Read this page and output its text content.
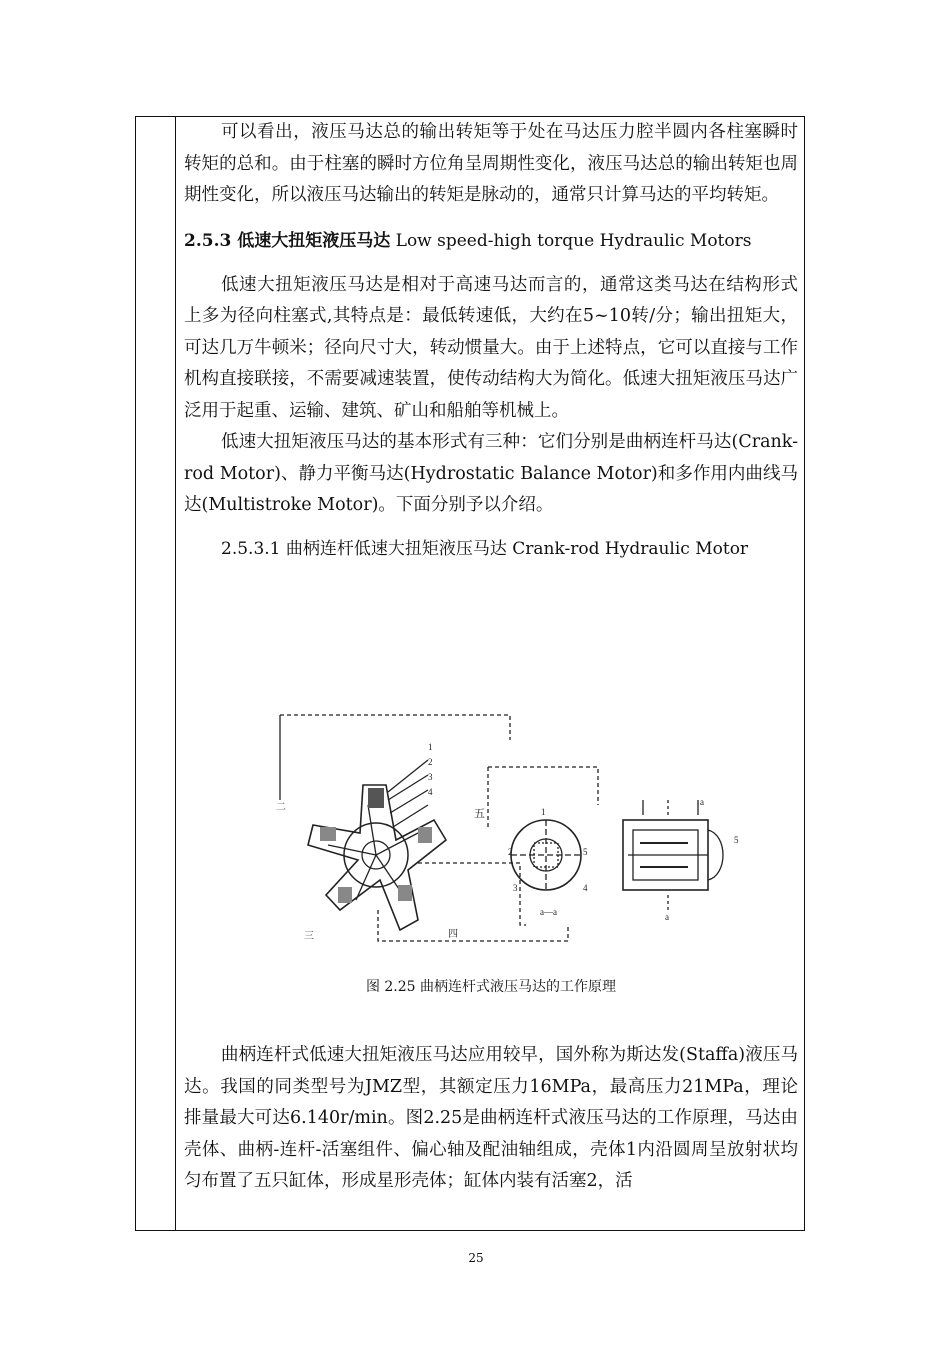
可以看出，液压马达总的输出转矩等于处在马达压力腔半圆内各柱塞瞬时转矩的总和。由于柱塞的瞬时方位角呈周期性变化，液压马达总的输出转矩也周期性变化，所以液压马达输出的转矩是脉动的，通常只计算马达的平均转矩。

2.5.3 低速大扭矩液压马达 Low speed-high torque Hydraulic Motors

低速大扭矩液压马达是相对于高速马达而言的，通常这类马达在结构形式上多为径向柱塞式,其特点是：最低转速低，大约在5~10转/分；输出扭矩大，可达几万牛顿米；径向尺寸大，转动惯量大。由于上述特点，它可以直接与工作机构直接联接，不需要减速装置，使传动结构大为简化。低速大扭矩液压马达广泛用于起重、运输、建筑、矿山和船舶等机械上。

低速大扭矩液压马达的基本形式有三种：它们分别是曲柄连杆马达(Crank-rod Motor)、静力平衡马达(Hydrostatic Balance Motor)和多作用内曲线马达(Multistroke Motor)。下面分别予以介绍。

2.5.3.1 曲柄连杆低速大扭矩液压马达 Crank-rod Hydraulic Motor

1
2
3
4
五
二
三	四
1
2
3	4
5
a—a
a
a
5
图 2.25 曲柄连杆式液压马达的工作原理

曲柄连杆式低速大扭矩液压马达应用较早，国外称为斯达发(Staffa)液压马达。我国的同类型号为JMZ型，其额定压力16MPa，最高压力21MPa，理论排量最大可达6.140r/min。图2.25是曲柄连杆式液压马达的工作原理，马达由壳体、曲柄-连杆-活塞组件、偏心轴及配油轴组成，壳体1内沿圆周呈放射状均匀布置了五只缸体，形成星形壳体；缸体内装有活塞2，活

25
